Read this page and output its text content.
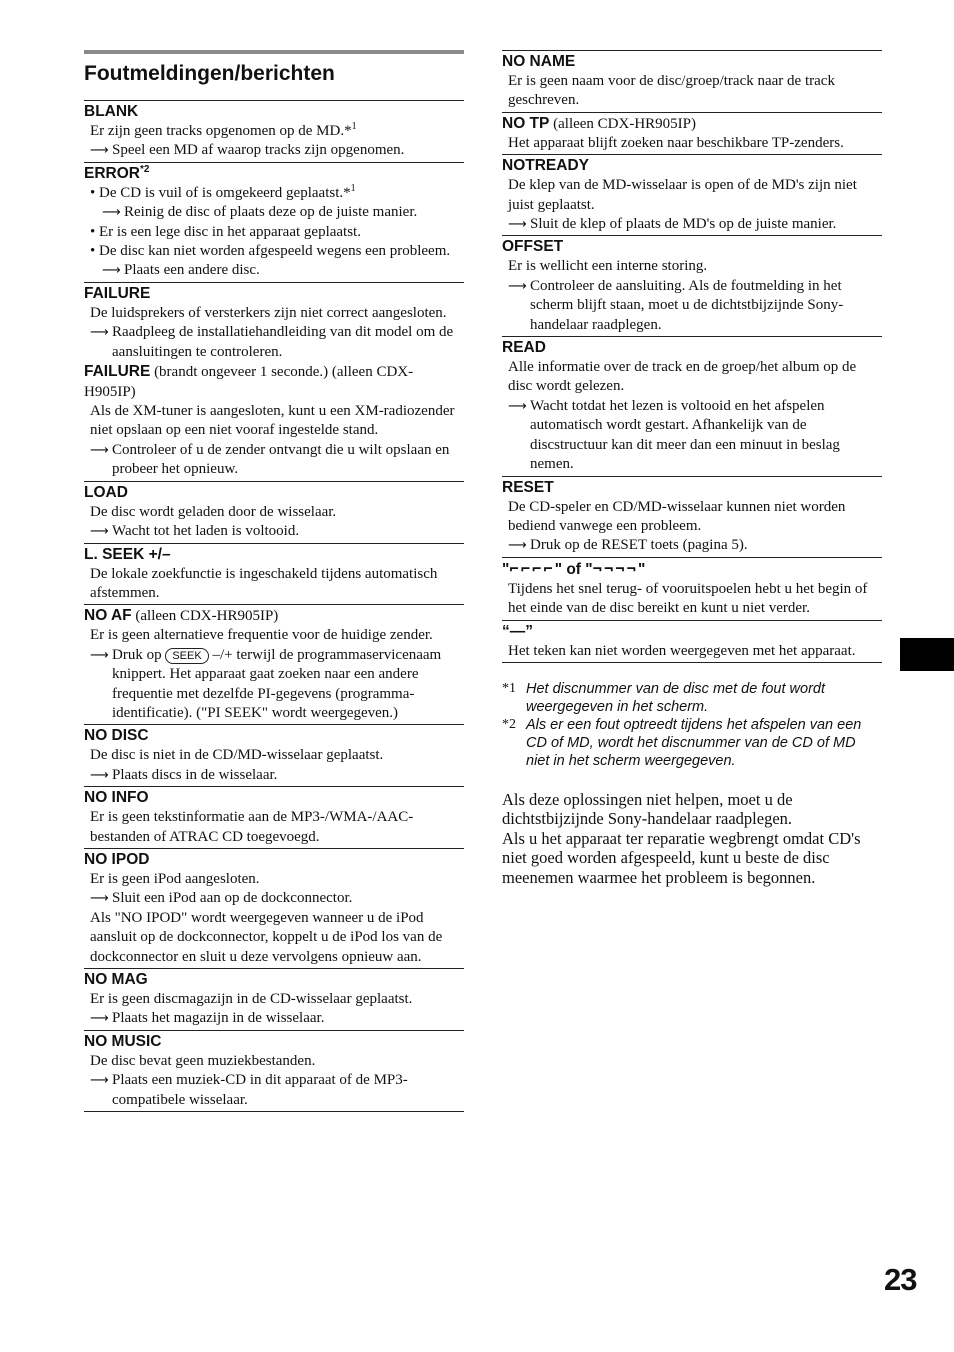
Foutmeldingen/berichten
BLANK
Er zijn geen tracks opgenomen op de MD.*$^1$
⟶ Speel een MD af waarop tracks zijn opgenomen.
ERROR$^{*2}$
• De CD is vuil of is omgekeerd geplaatst.*$^1$
⟶ Reinig de disc of plaats deze op de juiste manier.
• Er is een lege disc in het apparaat geplaatst.
• De disc kan niet worden afgespeeld wegens een probleem.
⟶ Plaats een andere disc.
FAILURE
De luidsprekers of versterkers zijn niet correct aangesloten.
⟶ Raadpleeg de installatiehandleiding van dit model om de aansluitingen te controleren.
FAILURE (brandt ongeveer 1 seconde.) (alleen CDX-H905IP)
Als de XM-tuner is aangesloten, kunt u een XM-radiozender niet opslaan op een niet vooraf ingestelde stand.
⟶ Controleer of u de zender ontvangt die u wilt opslaan en probeer het opnieuw.
LOAD
De disc wordt geladen door de wisselaar.
⟶ Wacht tot het laden is voltooid.
L. SEEK +/–
De lokale zoekfunctie is ingeschakeld tijdens automatisch afstemmen.
NO AF (alleen CDX-HR905IP)
Er is geen alternatieve frequentie voor de huidige zender.
⟶ Druk op SEEK –/+ terwijl de programmaservicenaam knippert. Het apparaat gaat zoeken naar een andere frequentie met dezelfde PI-gegevens (programma-identificatie). ("PI SEEK" wordt weergegeven.)
NO DISC
De disc is niet in de CD/MD-wisselaar geplaatst.
⟶ Plaats discs in de wisselaar.
NO INFO
Er is geen tekstinformatie aan de MP3-/WMA-/AAC-bestanden of ATRAC CD toegevoegd.
NO IPOD
Er is geen iPod aangesloten.
⟶ Sluit een iPod aan op de dockconnector.
Als "NO IPOD" wordt weergegeven wanneer u de iPod aansluit op de dockconnector, koppelt u de iPod los van de dockconnector en sluit u deze vervolgens opnieuw aan.
NO MAG
Er is geen discmagazijn in de CD-wisselaar geplaatst.
⟶ Plaats het magazijn in de wisselaar.
NO MUSIC
De disc bevat geen muziekbestanden.
⟶ Plaats een muziek-CD in dit apparaat of de MP3-compatibele wisselaar.
NO NAME
Er is geen naam voor de disc/groep/track naar de track geschreven.
NO TP (alleen CDX-HR905IP)
Het apparaat blijft zoeken naar beschikbare TP-zenders.
NOTREADY
De klep van de MD-wisselaar is open of de MD's zijn niet juist geplaatst.
⟶ Sluit de klep of plaats de MD's op de juiste manier.
OFFSET
Er is wellicht een interne storing.
⟶ Controleer de aansluiting. Als de foutmelding in het scherm blijft staan, moet u de dichtstbijzijnde Sony-handelaar raadplegen.
READ
Alle informatie over de track en de groep/het album op de disc wordt gelezen.
⟶ Wacht totdat het lezen is voltooid en het afspelen automatisch wordt gestart. Afhankelijk van de discstructuur kan dit meer dan een minuut in beslag nemen.
RESET
De CD-speler en CD/MD-wisselaar kunnen niet worden bediend vanwege een probleem.
⟶ Druk op de RESET toets (pagina 5).
"⌐⌐⌐⌐" of "¬¬¬¬"
Tijdens het snel terug- of vooruitspoelen hebt u het begin of het einde van de disc bereikt en kunt u niet verder.
“—”
Het teken kan niet worden weergegeven met het apparaat.
*1 Het discnummer van de disc met de fout wordt weergegeven in het scherm.
*2 Als er een fout optreedt tijdens het afspelen van een CD of MD, wordt het discnummer van de CD of MD niet in het scherm weergegeven.
Als deze oplossingen niet helpen, moet u de dichtstbijzijnde Sony-handelaar raadplegen.
Als u het apparaat ter reparatie wegbrengt omdat CD's niet goed worden afgespeeld, kunt u beste de disc meenemen waarmee het probleem is begonnen.
23
